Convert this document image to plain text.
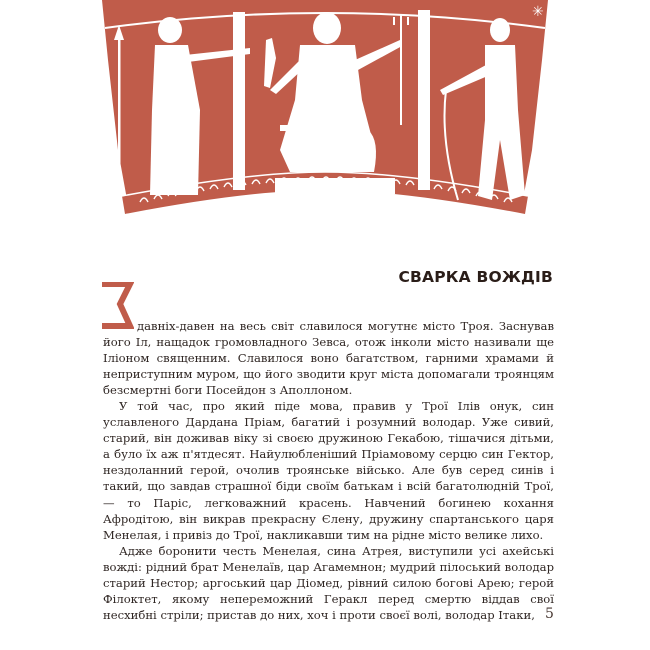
✳
СВАРКА ВОЖДІВ

давніх-давен на весь світ славилося могутнє місто Троя. Заснував його Іл, нащадок громовладного Зевса, отож інколи місто називали ще Іліоном священним. Славилося воно багатством, гарними храмами й неприступним муром, що його зводити круг міста допомагали троянцям безсмертні боги Посейдон з Аполлоном.

У той час, про який піде мова, правив у Трої Ілів онук, син уславленого Дардана Пріам, багатий і розумний володар. Уже сивий, старий, він доживав віку зі своєю дружиною Гекабою, тішачися дітьми, а було їх аж п'ятдесят. Найулюбленіший Пріамовому серцю син Гектор, нездоланний герой, очолив троянське військо. Але був серед синів і такий, що завдав страшної біди своїм батькам і всій багатолюдній Трої, — то Паріс, легковажний красень. Навчений богинею кохання Афродітою, він викрав прекрасну Єлену, дружину спартанського царя Менелая, і привіз до Трої, накликавши тим на рідне місто велике лихо.

Адже боронити честь Менелая, сина Атрея, виступили усі ахейські вожді: рідний брат Менелаїв, цар Агамемнон; мудрий пілоський володар старий Нестор; аргоський цар Діомед, рівний силою богові Арею; герой Філоктет, якому непереможний Геракл перед смертю віддав свої несхибні стріли; пристав до них, хоч і проти своєї волі, володар Ітаки, 5
